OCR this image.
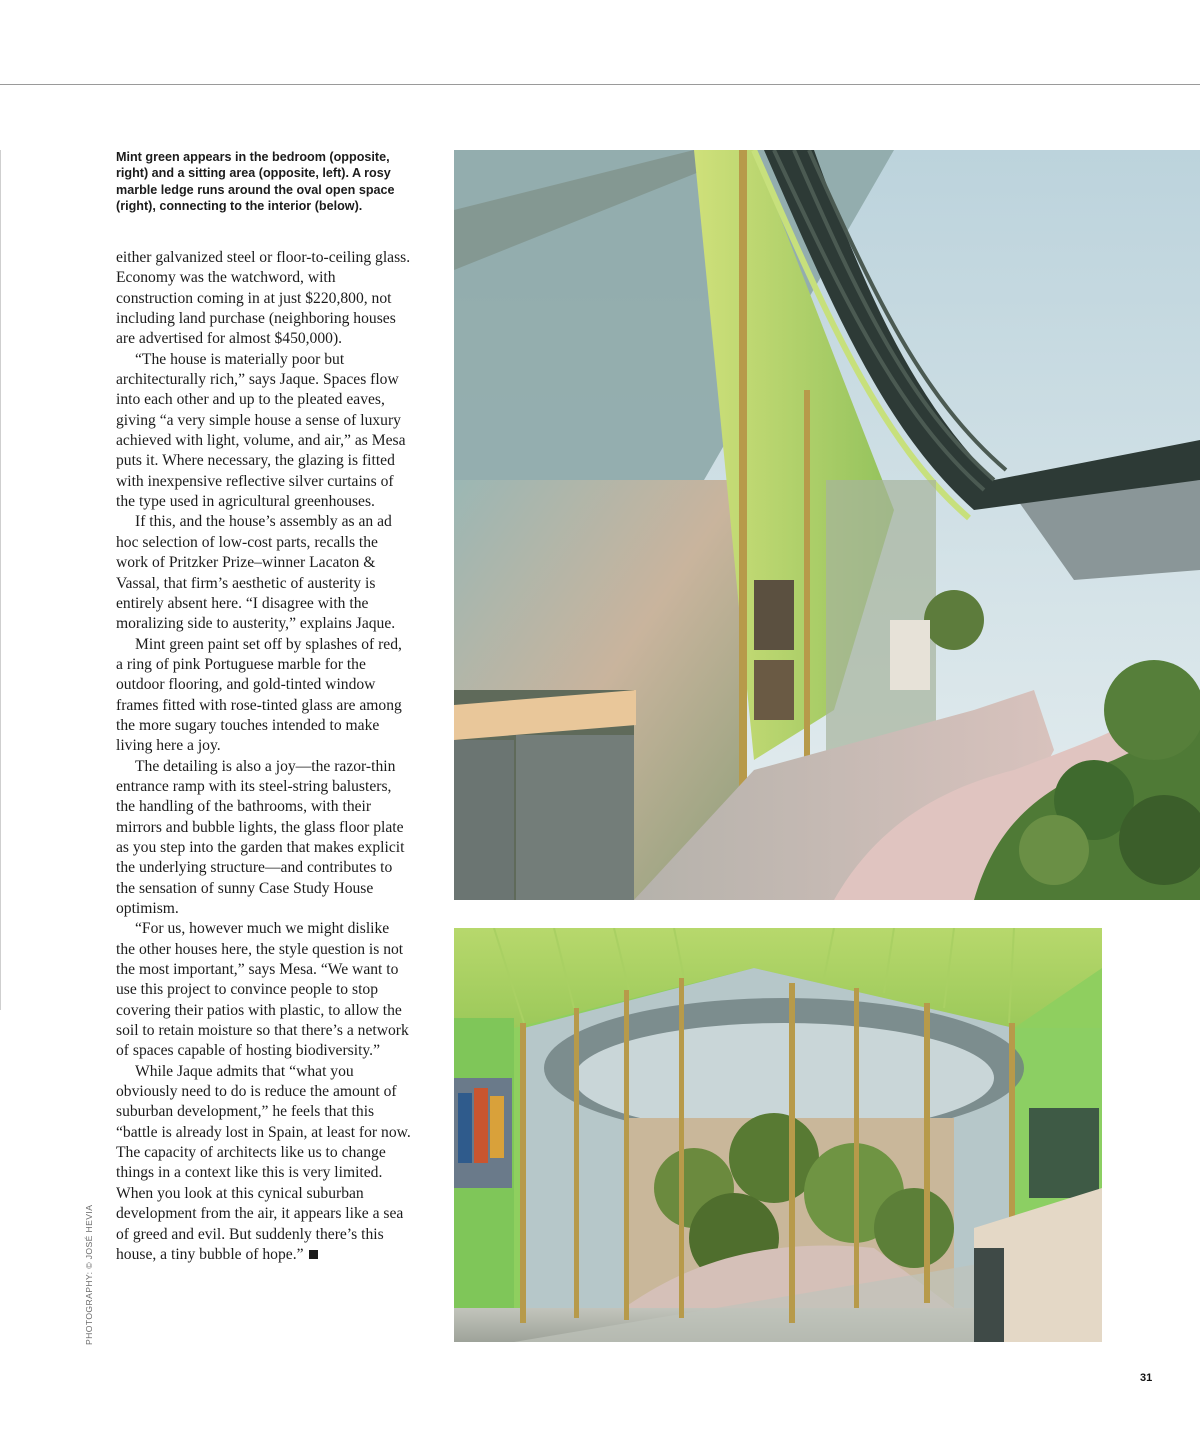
Mint green appears in the bedroom (opposite, right) and a sitting area (opposite, left). A rosy marble ledge runs around the oval open space (right), connecting to the interior (below).

either galvanized steel or floor-to-ceiling glass. Economy was the watchword, with construction coming in at just $220,800, not including land purchase (neighboring houses are advertised for almost $450,000).

“The house is materially poor but architecturally rich,” says Jaque. Spaces flow into each other and up to the pleated eaves, giving “a very simple house a sense of luxury achieved with light, volume, and air,” as Mesa puts it. Where necessary, the glazing is fitted with inexpensive reflective silver curtains of the type used in agricultural greenhouses.

If this, and the house’s assembly as an ad hoc selection of low-cost parts, recalls the work of Pritzker Prize–winner Lacaton & Vassal, that firm’s aesthetic of austerity is entirely absent here. “I disagree with the moralizing side to austerity,” explains Jaque.

Mint green paint set off by splashes of red, a ring of pink Portuguese marble for the outdoor flooring, and gold-tinted window frames fitted with rose-tinted glass are among the more sugary touches intended to make living here a joy.

The detailing is also a joy—the razor-thin entrance ramp with its steel-string balusters, the handling of the bathrooms, with their mirrors and bubble lights, the glass floor plate as you step into the garden that makes explicit the underlying structure—and contributes to the sensation of sunny Case Study House optimism.

“For us, however much we might dislike the other houses here, the style question is not the most important,” says Mesa. “We want to use this project to convince people to stop covering their patios with plastic, to allow the soil to retain moisture so that there’s a network of spaces capable of hosting biodiversity.”

While Jaque admits that “what you obviously need to do is reduce the amount of suburban development,” he feels that this “battle is already lost in Spain, at least for now. The capacity of architects like us to change things in a context like this is very limited. When you look at this cynical suburban development from the air, it appears like a sea of greed and evil. But suddenly there’s this house, a tiny bubble of hope.”

PHOTOGRAPHY: © JOSÉ HEVIA
31
